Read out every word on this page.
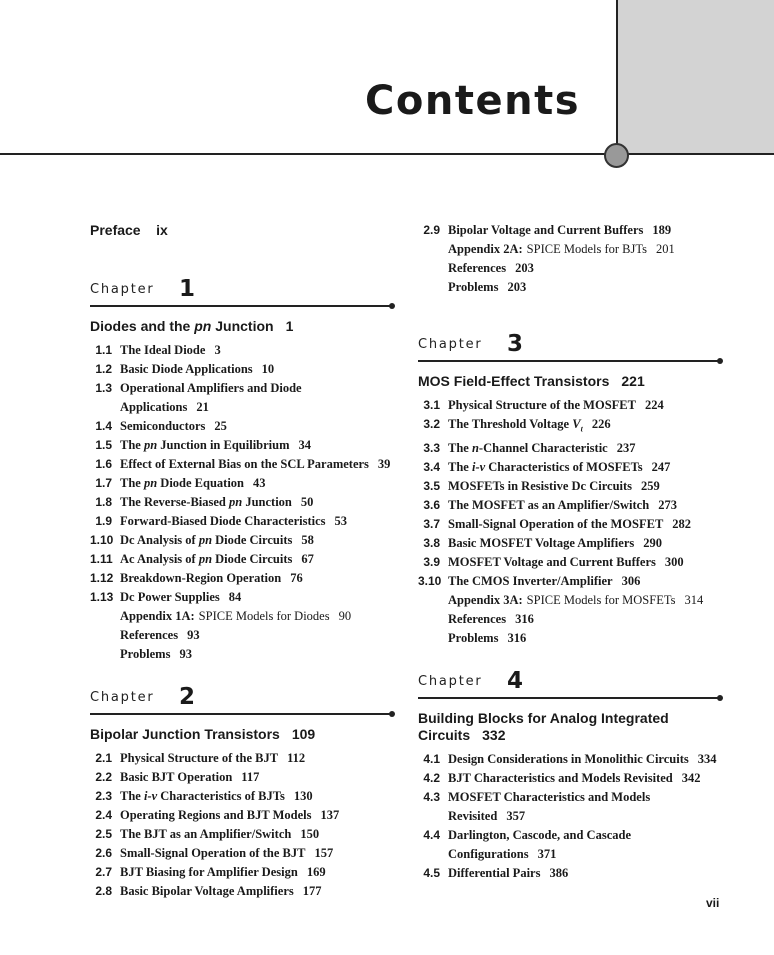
Contents
Preface ix
Chapter 1
Diodes and the pn Junction 1
1.1 The Ideal Diode 3
1.2 Basic Diode Applications 10
1.3 Operational Amplifiers and Diode Applications 21
1.4 Semiconductors 25
1.5 The pn Junction in Equilibrium 34
1.6 Effect of External Bias on the SCL Parameters 39
1.7 The pn Diode Equation 43
1.8 The Reverse-Biased pn Junction 50
1.9 Forward-Biased Diode Characteristics 53
1.10 Dc Analysis of pn Diode Circuits 58
1.11 Ac Analysis of pn Diode Circuits 67
1.12 Breakdown-Region Operation 76
1.13 Dc Power Supplies 84
Appendix 1A: SPICE Models for Diodes 90
References 93
Problems 93
Chapter 2
Bipolar Junction Transistors 109
2.1 Physical Structure of the BJT 112
2.2 Basic BJT Operation 117
2.3 The i-v Characteristics of BJTs 130
2.4 Operating Regions and BJT Models 137
2.5 The BJT as an Amplifier/Switch 150
2.6 Small-Signal Operation of the BJT 157
2.7 BJT Biasing for Amplifier Design 169
2.8 Basic Bipolar Voltage Amplifiers 177
2.9 Bipolar Voltage and Current Buffers 189
Appendix 2A: SPICE Models for BJTs 201
References 203
Problems 203
Chapter 3
MOS Field-Effect Transistors 221
3.1 Physical Structure of the MOSFET 224
3.2 The Threshold Voltage $V_t$ 226
3.3 The n-Channel Characteristic 237
3.4 The i-v Characteristics of MOSFETs 247
3.5 MOSFETs in Resistive Dc Circuits 259
3.6 The MOSFET as an Amplifier/Switch 273
3.7 Small-Signal Operation of the MOSFET 282
3.8 Basic MOSFET Voltage Amplifiers 290
3.9 MOSFET Voltage and Current Buffers 300
3.10 The CMOS Inverter/Amplifier 306
Appendix 3A: SPICE Models for MOSFETs 314
References 316
Problems 316
Chapter 4
Building Blocks for Analog Integrated Circuits 332
4.1 Design Considerations in Monolithic Circuits 334
4.2 BJT Characteristics and Models Revisited 342
4.3 MOSFET Characteristics and Models Revisited 357
4.4 Darlington, Cascode, and Cascade Configurations 371
4.5 Differential Pairs 386
vii
